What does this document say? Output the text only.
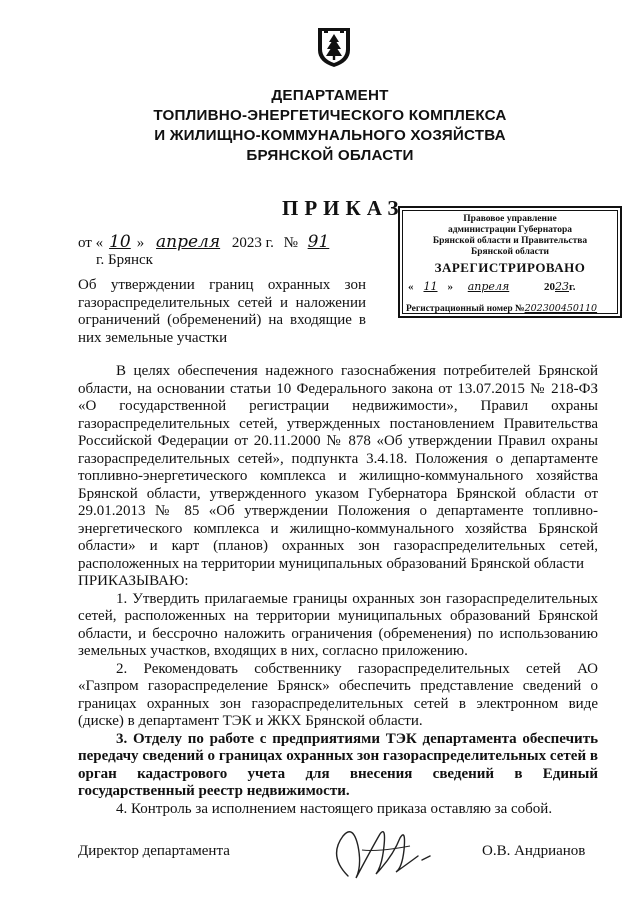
ДЕПАРТАМЕНТ
ТОПЛИВНО-ЭНЕРГЕТИЧЕСКОГО КОМПЛЕКСА
И ЖИЛИЩНО-КОММУНАЛЬНОГО ХОЗЯЙСТВА
БРЯНСКОЙ ОБЛАСТИ
ПРИКАЗ	Правовое управление
администрации Губернатора
Брянской области и Правительства
Брянской области
ЗАРЕГИСТРИРОВАНО
« 11 » апреля	2023г.
Регистрационный номер №202300450110
от « 10 » апреля 2023 г. № 91
г. Брянск
Об утверждении границ охранных зон газораспределительных сетей и наложении ограничений (обременений) на входящие в них земельные участки

В целях обеспечения надежного газоснабжения потребителей Брянской области, на основании статьи 10 Федерального закона от 13.07.2015 № 218-ФЗ «О государственной регистрации недвижимости», Правил охраны газораспределительных сетей, утвержденных постановлением Правительства Российской Федерации от 20.11.2000 № 878 «Об утверждении Правил охраны газораспределительных сетей», подпункта 3.4.18. Положения о департаменте топливно-энергетического комплекса и жилищно-коммунального хозяйства Брянской области, утвержденного указом Губернатора Брянской области от 29.01.2013 № 85 «Об утверждении Положения о департаменте топливно-энергетического комплекса и жилищно-коммунального хозяйства Брянской области» и карт (планов) охранных зон газораспределительных сетей, расположенных на территории муниципальных образований Брянской области

ПРИКАЗЫВАЮ:

1. Утвердить прилагаемые границы охранных зон газораспределительных сетей, расположенных на территории муниципальных образований Брянской области, и бессрочно наложить ограничения (обременения) по использованию земельных участков, входящих в них, согласно приложению.

2. Рекомендовать собственнику газораспределительных сетей АО «Газпром газораспределение Брянск» обеспечить представление сведений о границах охранных зон газораспределительных сетей в электронном виде (диске) в департамент ТЭК и ЖКХ Брянской области.

3. Отделу по работе с предприятиями ТЭК департамента обеспечить передачу сведений о границах охранных зон газораспределительных сетей в орган кадастрового учета для внесения сведений в Единый государственный реестр недвижимости.

4. Контроль за исполнением настоящего приказа оставляю за собой.

Директор департамента	О.В. Андрианов
